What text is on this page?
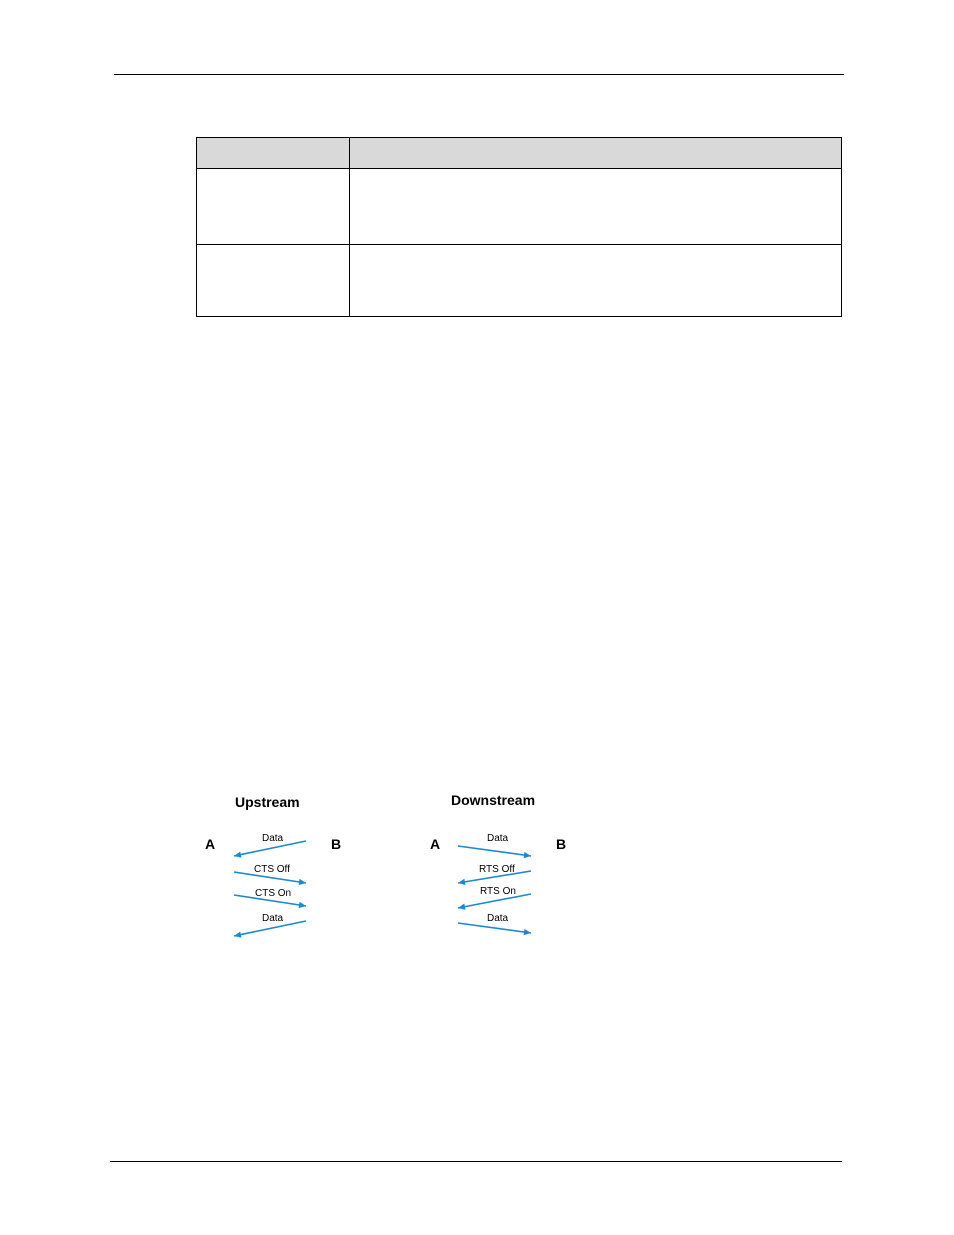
Upstream
A	B
Data
CTS Off
CTS On
Data
Downstream
A	B
Data
RTS Off
RTS On
Data
